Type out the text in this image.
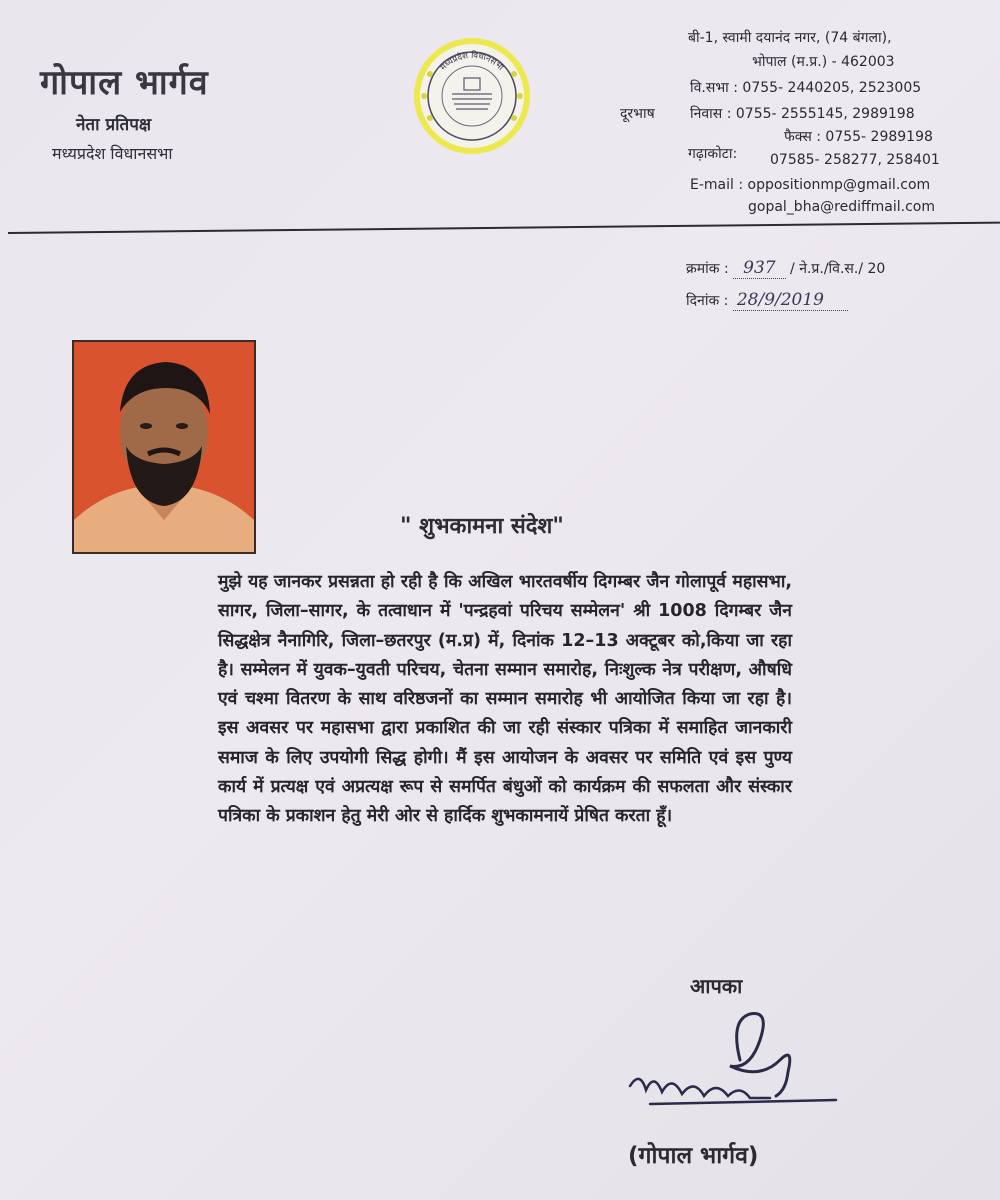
गोपाल भार्गव
नेता प्रतिपक्ष
मध्यप्रदेश विधानसभा
मध्यप्रदेश विधानसभा
बी-1, स्वामी दयानंद नगर, (74 बंगला),
भोपाल (म.प्र.) - 462003
वि.सभा : 0755- 2440205, 2523005
दूरभाष	निवास : 0755- 2555145, 2989198
फैक्स : 0755- 2989198
गढ़ाकोटा: 07585- 258277, 258401
E-mail : oppositionmp@gmail.com
gopal_bha@rediffmail.com
क्रमांक : 937 / ने.प्र./वि.स./ 20
दिनांक : 28/9/2019
" शुभकामना संदेश"
मुझे यह जानकर प्रसन्नता हो रही है कि अखिल भारतवर्षीय दिगम्बर जैन गोलापूर्व महासभा, सागर, जिला–सागर, के तत्वाधान में 'पन्द्रहवां परिचय सम्मेलन' श्री 1008 दिगम्बर जैन सिद्धक्षेत्र नैनागिरि, जिला–छतरपुर (म.प्र) में, दिनांक 12–13 अक्टूबर को,किया जा रहा है। सम्मेलन में युवक–युवती परिचय, चेतना सम्मान समारोह, निःशुल्क नेत्र परीक्षण, औषधि एवं चश्मा वितरण के साथ वरिष्ठजनों का सम्मान समारोह भी आयोजित किया जा रहा है। इस अवसर पर महासभा द्वारा प्रकाशित की जा रही संस्कार पत्रिका में समाहित जानकारी समाज के लिए उपयोगी सिद्ध होगी। मैं इस आयोजन के अवसर पर समिति एवं इस पुण्य कार्य में प्रत्यक्ष एवं अप्रत्यक्ष रूप से समर्पित बंधुओं को कार्यक्रम की सफलता और संस्कार पत्रिका के प्रकाशन हेतु मेरी ओर से हार्दिक शुभकामनायें प्रेषित करता हूँ।
आपका
(गोपाल भार्गव)
